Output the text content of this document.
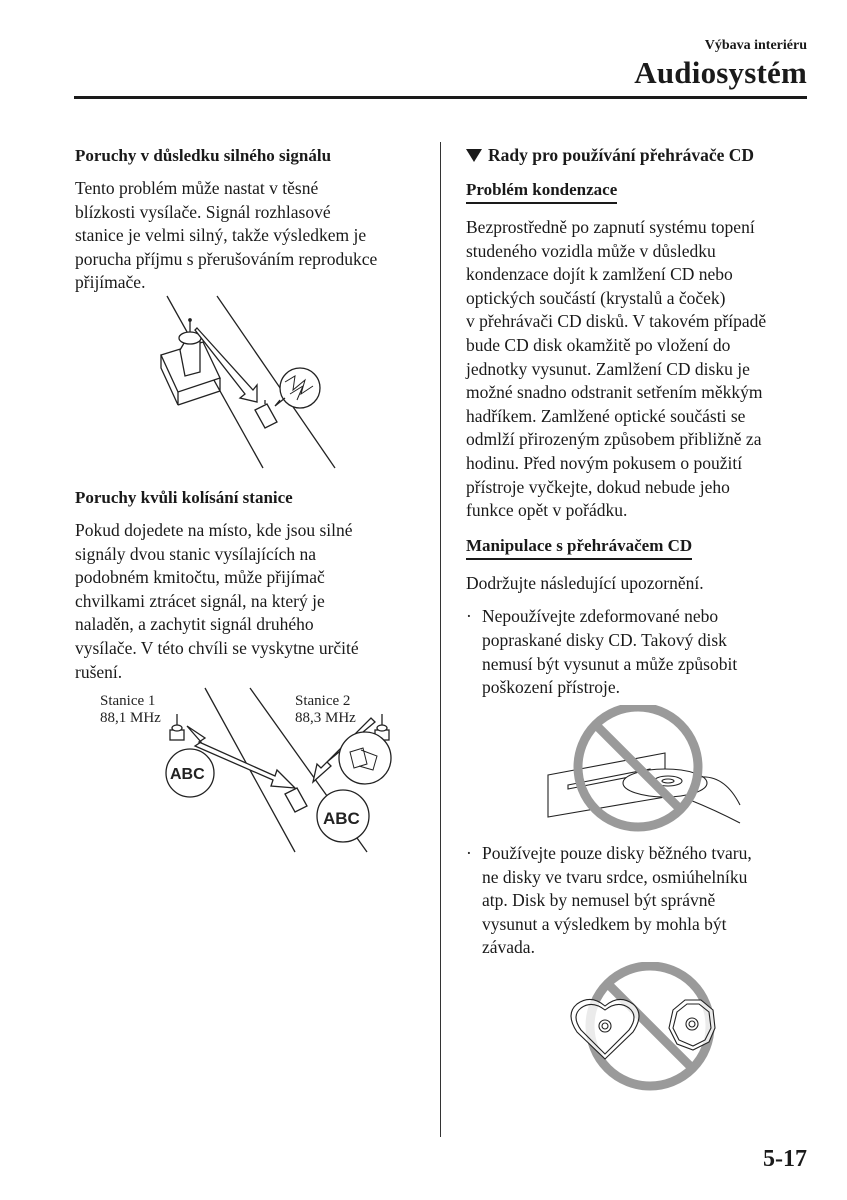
Výbava interiéru
Audiosystém
Poruchy v důsledku silného signálu

Tento problém může nastat v těsné
blízkosti vysílače. Signál rozhlasové
stanice je velmi silný, takže výsledkem je
porucha příjmu s přerušováním reprodukce
přijímače.

Poruchy kvůli kolísání stanice

Pokud dojedete na místo, kde jsou silné
signály dvou stanic vysílajících na
podobném kmitočtu, může přijímač
chvilkami ztrácet signál, na který je
naladěn, a zachytit signál druhého
vysílače. V této chvíli se vyskytne určité
rušení.

Stanice 1
88,1 MHz
Stanice 2
88,3 MHz
ABC
ABC
Rady pro používání přehrávače CD
Problém kondenzace

Bezprostředně po zapnutí systému topení
studeného vozidla může v důsledku
kondenzace dojít k zamlžení CD nebo
optických součástí (krystalů a čoček)
v přehrávači CD disků. V takovém případě
bude CD disk okamžitě po vložení do
jednotky vysunut. Zamlžení CD disku je
možné snadno odstranit setřením měkkým
hadříkem. Zamlžené optické součásti se
odmlží přirozeným způsobem přibližně za
hodinu. Před novým pokusem o použití
přístroje vyčkejte, dokud nebude jeho
funkce opět v pořádku.

Manipulace s přehrávačem CD

Dodržujte následující upozornění.

· Nepoužívejte zdeformované nebo
popraskané disky CD. Takový disk
nemusí být vysunut a může způsobit
poškození přístroje.

· Používejte pouze disky běžného tvaru,
ne disky ve tvaru srdce, osmiúhelníku
atp. Disk by nemusel být správně
vysunut a výsledkem by mohla být
závada.

5-17
